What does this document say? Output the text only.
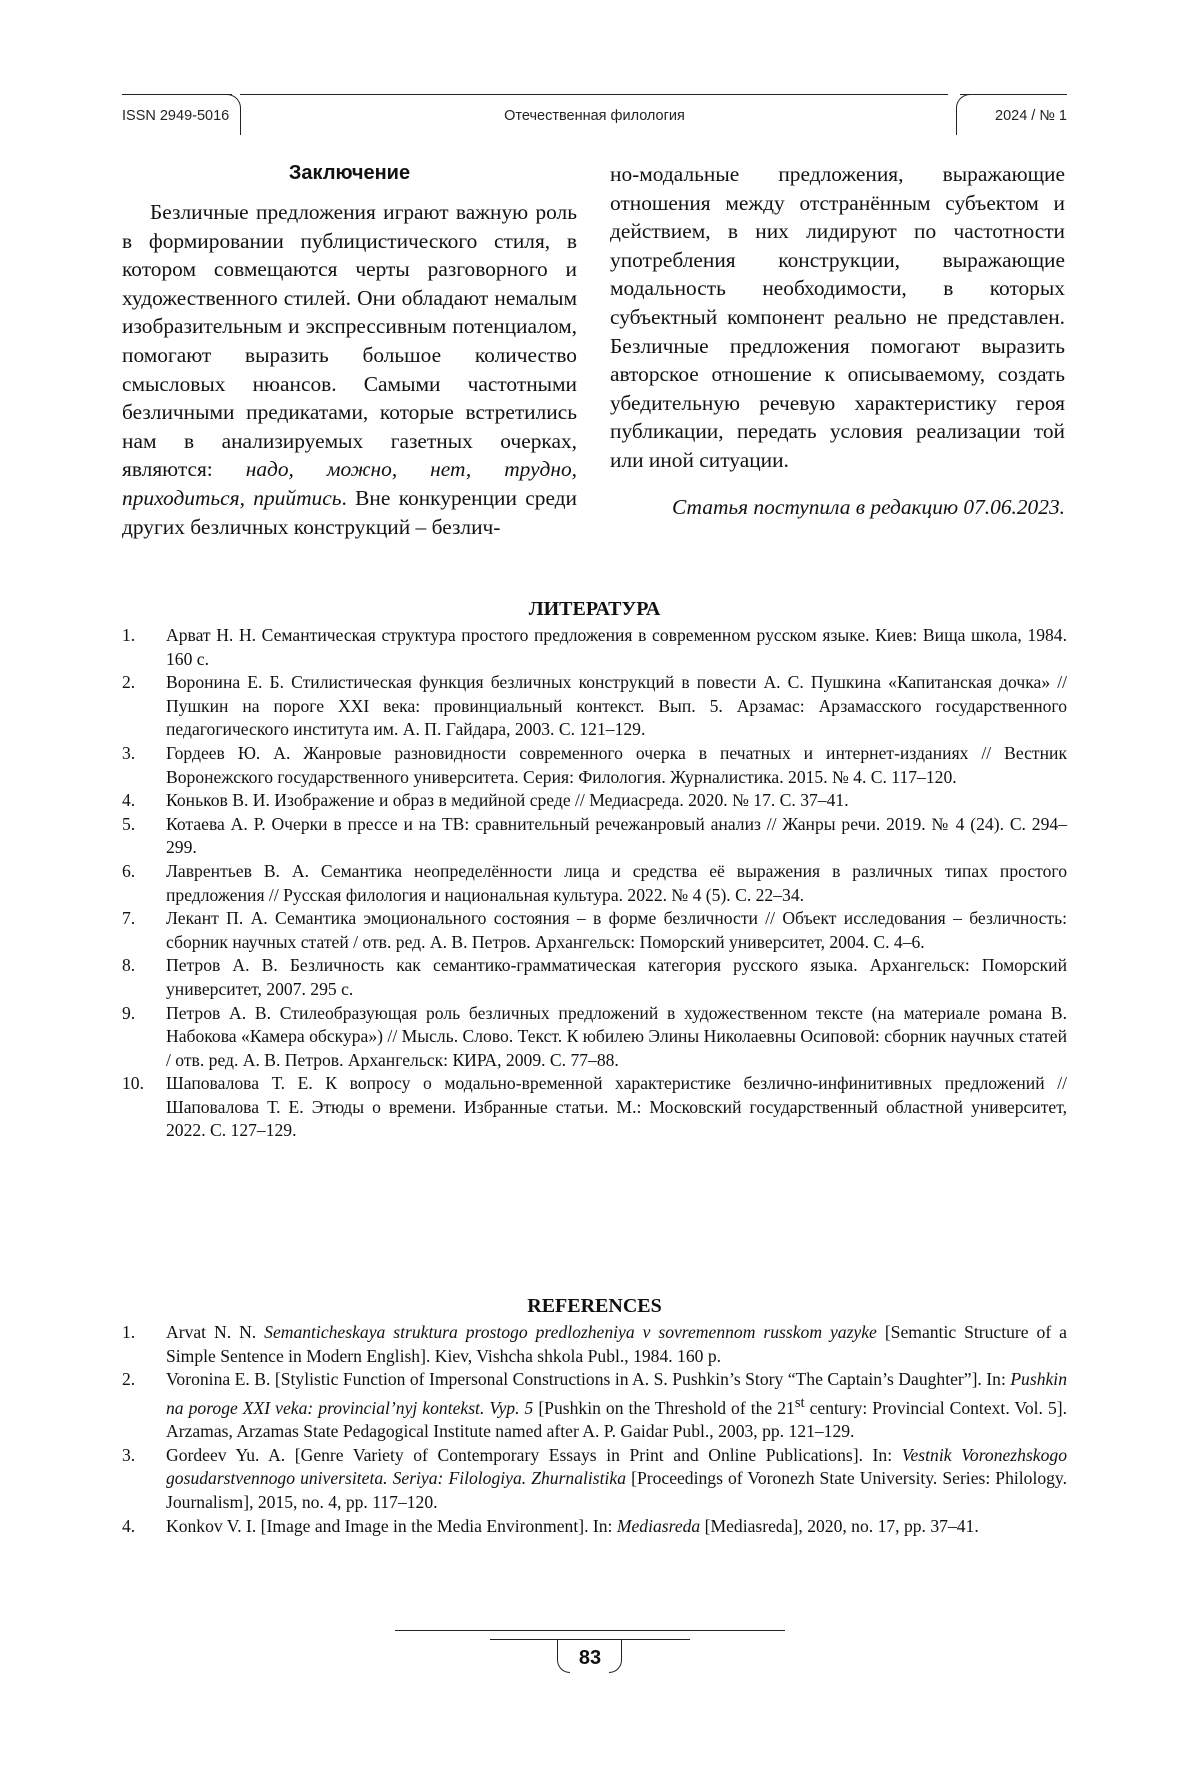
ISSN 2949-5016	Отечественная филология	2024 / № 1
Заключение

Безличные предложения играют важную роль в формировании публицистического стиля, в котором совмещаются черты разговорного и художественного стилей. Они обладают немалым изобразительным и экспрессивным потенциалом, помогают выразить большое количество смысловых нюансов. Самыми частотными безличными предикатами, которые встретились нам в анализируемых газетных очерках, являются: надо, можно, нет, трудно, приходиться, прийтись. Вне конкуренции среди других безличных конструкций – безлич-

но-модальные предложения, выражающие отношения между отстранённым субъектом и действием, в них лидируют по частотности употребления конструкции, выражающие модальность необходимости, в которых субъектный компонент реально не представлен. Безличные предложения помогают выразить авторское отношение к описываемому, создать убедительную речевую характеристику героя публикации, передать условия реализации той или иной ситуации.

Статья поступила в редакцию 07.06.2023.

ЛИТЕРАТУРА
1. Арват Н. Н. Семантическая структура простого предложения в современном русском языке. Киев: Вища школа, 1984. 160 с.
2. Воронина Е. Б. Стилистическая функция безличных конструкций в повести А. С. Пушкина «Капитанская дочка» // Пушкин на пороге XXI века: провинциальный контекст. Вып. 5. Арзамас: Арзамасского государственного педагогического института им. А. П. Гайдара, 2003. С. 121–129.
3. Гордеев Ю. А. Жанровые разновидности современного очерка в печатных и интернет-изданиях // Вестник Воронежского государственного университета. Серия: Филология. Журналистика. 2015. № 4. С. 117–120.
4. Коньков В. И. Изображение и образ в медийной среде // Медиасреда. 2020. № 17. С. 37–41.
5. Котаева А. Р. Очерки в прессе и на ТВ: сравнительный речежанровый анализ // Жанры речи. 2019. № 4 (24). С. 294–299.
6. Лаврентьев В. А. Семантика неопределённости лица и средства её выражения в различных типах простого предложения // Русская филология и национальная культура. 2022. № 4 (5). С. 22–34.
7. Лекант П. А. Семантика эмоционального состояния – в форме безличности // Объект исследования – безличность: сборник научных статей / отв. ред. А. В. Петров. Архангельск: Поморский университет, 2004. С. 4–6.
8. Петров А. В. Безличность как семантико-грамматическая категория русского языка. Архангельск: Поморский университет, 2007. 295 с.
9. Петров А. В. Стилеобразующая роль безличных предложений в художественном тексте (на материале романа В. Набокова «Камера обскура») // Мысль. Слово. Текст. К юбилею Элины Николаевны Осиповой: сборник научных статей / отв. ред. А. В. Петров. Архангельск: КИРА, 2009. С. 77–88.
10. Шаповалова Т. Е. К вопросу о модально-временной характеристике безлично-инфинитивных предложений // Шаповалова Т. Е. Этюды о времени. Избранные статьи. М.: Московский государственный областной университет, 2022. С. 127–129.
REFERENCES
1. Arvat N. N. Semanticheskaya struktura prostogo predlozheniya v sovremennom russkom yazyke [Semantic Structure of a Simple Sentence in Modern English]. Kiev, Vishcha shkola Publ., 1984. 160 p.
2. Voronina E. B. [Stylistic Function of Impersonal Constructions in A. S. Pushkin’s Story “The Captain’s Daughter”]. In: Pushkin na poroge XXI veka: provincial’nyj kontekst. Vyp. 5 [Pushkin on the Threshold of the 21st century: Provincial Context. Vol. 5]. Arzamas, Arzamas State Pedagogical Institute named after A. P. Gaidar Publ., 2003, pp. 121–129.
3. Gordeev Yu. A. [Genre Variety of Contemporary Essays in Print and Online Publications]. In: Vestnik Voronezhskogo gosudarstvennogo universiteta. Seriya: Filologiya. Zhurnalistika [Proceedings of Voronezh State University. Series: Philology. Journalism], 2015, no. 4, pp. 117–120.
4. Konkov V. I. [Image and Image in the Media Environment]. In: Mediasreda [Mediasreda], 2020, no. 17, pp. 37–41.
83
